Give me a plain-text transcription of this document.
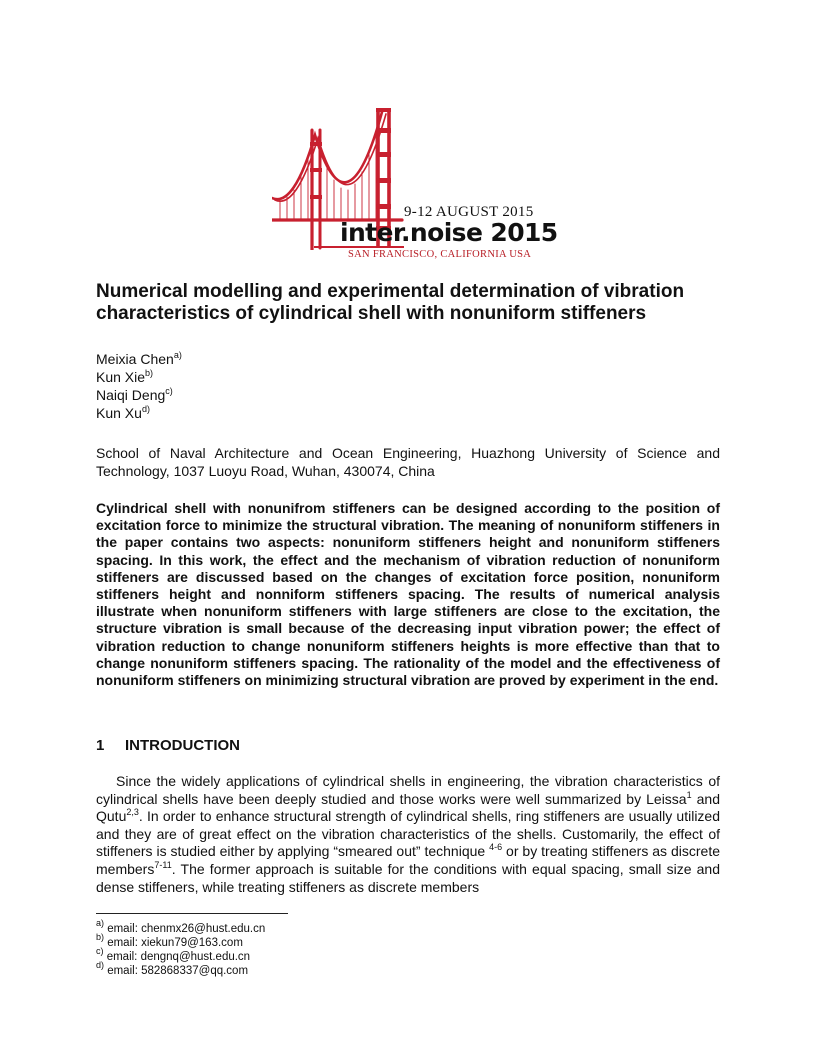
9-12 AUGUST 2015
inter.noise 2015
SAN FRANCISCO, CALIFORNIA USA
Numerical modelling and experimental determination of vibration characteristics of cylindrical shell with nonuniform stiffeners
Meixia Chen$^{a)}$
Kun Xie$^{b)}$
Naiqi Deng$^{c)}$
Kun Xu$^{d)}$
School of Naval Architecture and Ocean Engineering, Huazhong University of Science and Technology, 1037 Luoyu Road, Wuhan, 430074, China
Cylindrical shell with nonunifrom stiffeners can be designed according to the position of excitation force to minimize the structural vibration. The meaning of nonuniform stiffeners in the paper contains two aspects: nonuniform stiffeners height and nonuniform stiffeners spacing. In this work, the effect and the mechanism of vibration reduction of nonuniform stiffeners are discussed based on the changes of excitation force position, nonuniform stiffeners height and nonniform stiffeners spacing. The results of numerical analysis illustrate when nonuniform stiffeners with large stiffeners are close to the excitation, the structure vibration is small because of the decreasing input vibration power; the effect of vibration reduction to change nonuniform stiffeners heights is more effective than that to change nonuniform stiffeners spacing. The rationality of the model and the effectiveness of nonuniform stiffeners on minimizing structural vibration are proved by experiment in the end.
1 INTRODUCTION

Since the widely applications of cylindrical shells in engineering, the vibration characteristics of cylindrical shells have been deeply studied and those works were well summarized by Leissa$^1$ and Qutu$^{2,3}$. In order to enhance structural strength of cylindrical shells, ring stiffeners are usually utilized and they are of great effect on the vibration characteristics of the shells. Customarily, the effect of stiffeners is studied either by applying “smeared out” technique $^{4-6}$ or by treating stiffeners as discrete members$^{7-11}$. The former approach is suitable for the conditions with equal spacing, small size and dense stiffeners, while treating stiffeners as discrete members

$^{a)}$ email: chenmx26@hust.edu.cn
$^{b)}$ email: xiekun79@163.com
$^{c)}$ email: dengnq@hust.edu.cn
$^{d)}$ email: 582868337@qq.com
